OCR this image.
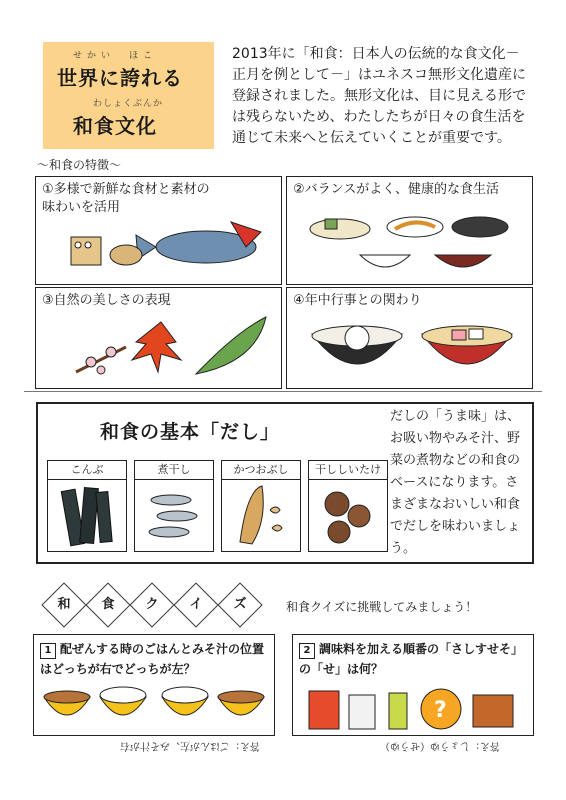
せかい　ほこ
世界に誇れる
わしょくぶんか
和食文化
2013年に「和食：日本人の伝統的な食文化－正月を例として－」はユネスコ無形文化遺産に登録されました。無形文化は、目に見える形では残らないため、わたしたちが日々の食生活を通じて未来へと伝えていくことが重要です。
～和食の特徴～
①多様で新鮮な食材と素材の味わいを活用
②バランスがよく、健康的な食生活
③自然の美しさの表現	④年中行事との関わり
和食の基本「だし」
だしの「うま味」は、お吸い物やみそ汁、野菜の煮物などの和食のベースになります。さまざまなおいしい和食でだしを味わいましょう。
こんぶ	煮干し	かつおぶし	干ししいたけ
和	食	ク	イ	ズ	和食クイズに挑戦してみましょう！
1 配ぜんする時のごはんとみそ汁の位置はどっちが右でどっちが左？
2 調味料を加える順番の「さしすせそ」の「せ」は何？
?
答え：ごはんが左、みそ汁が右	答え：しょうゆ（せうゆ）
